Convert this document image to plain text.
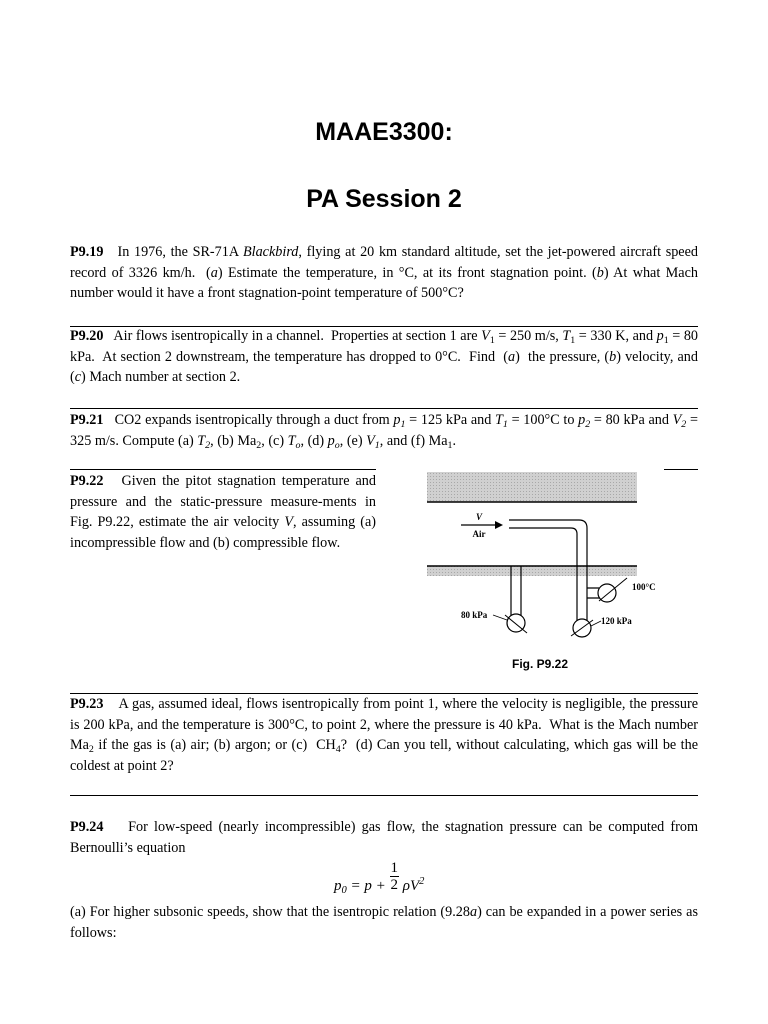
MAAE3300:
PA Session 2
P9.19   In 1976, the SR-71A Blackbird, flying at 20 km standard altitude, set the jet-powered aircraft speed record of 3326 km/h.  (a) Estimate the temperature, in °C, at its front stagnation point. (b) At what Mach number would it have a front stagnation-point temperature of 500°C?
P9.20   Air flows isentropically in a channel.  Properties at section 1 are $V_1 = 250$ m/s, $T_1 = 330$ K, and $p_1 = 80$ kPa.  At section 2 downstream, the temperature has dropped to 0°C.  Find  (a)  the pressure, (b) velocity, and (c) Mach number at section 2.
P9.21   CO2 expands isentropically through a duct from $p_1 = 125$ kPa and $T_1 = 100^\circ C$ to $p_2 = 80$ kPa and $V_2 = 325$ m/s. Compute (a) $T_2$, (b) $Ma_2$, (c) $T_o$, (d) $p_o$, (e) $V_1$, and (f) $Ma_1$.
P9.22   Given the pitot stagnation temperature and pressure and the static-pressure measure-ments in Fig. P9.22, estimate the air velocity V, assuming (a) incompressible flow and (b) compressible flow.
V
Air
100°C
80 kPa
120 kPa
Fig. P9.22
P9.23    A gas, assumed ideal, flows isentropically from point 1, where the velocity is negligible, the pressure is 200 kPa, and the temperature is 300°C, to point 2, where the pressure is 40 kPa.  What is the Mach number $Ma_2$ if the gas is (a) air; (b) argon; or (c)  $CH_4$?  (d) Can you tell, without calculating, which gas will be the coldest at point 2?
P9.24    For low-speed (nearly incompressible) gas flow, the stagnation pressure can be computed from Bernoulli’s equation
$p_0 = p + \frac{1}{2} \rho V^2$
(a) For higher subsonic speeds, show that the isentropic relation (9.28a) can be expanded in a power series as follows:
